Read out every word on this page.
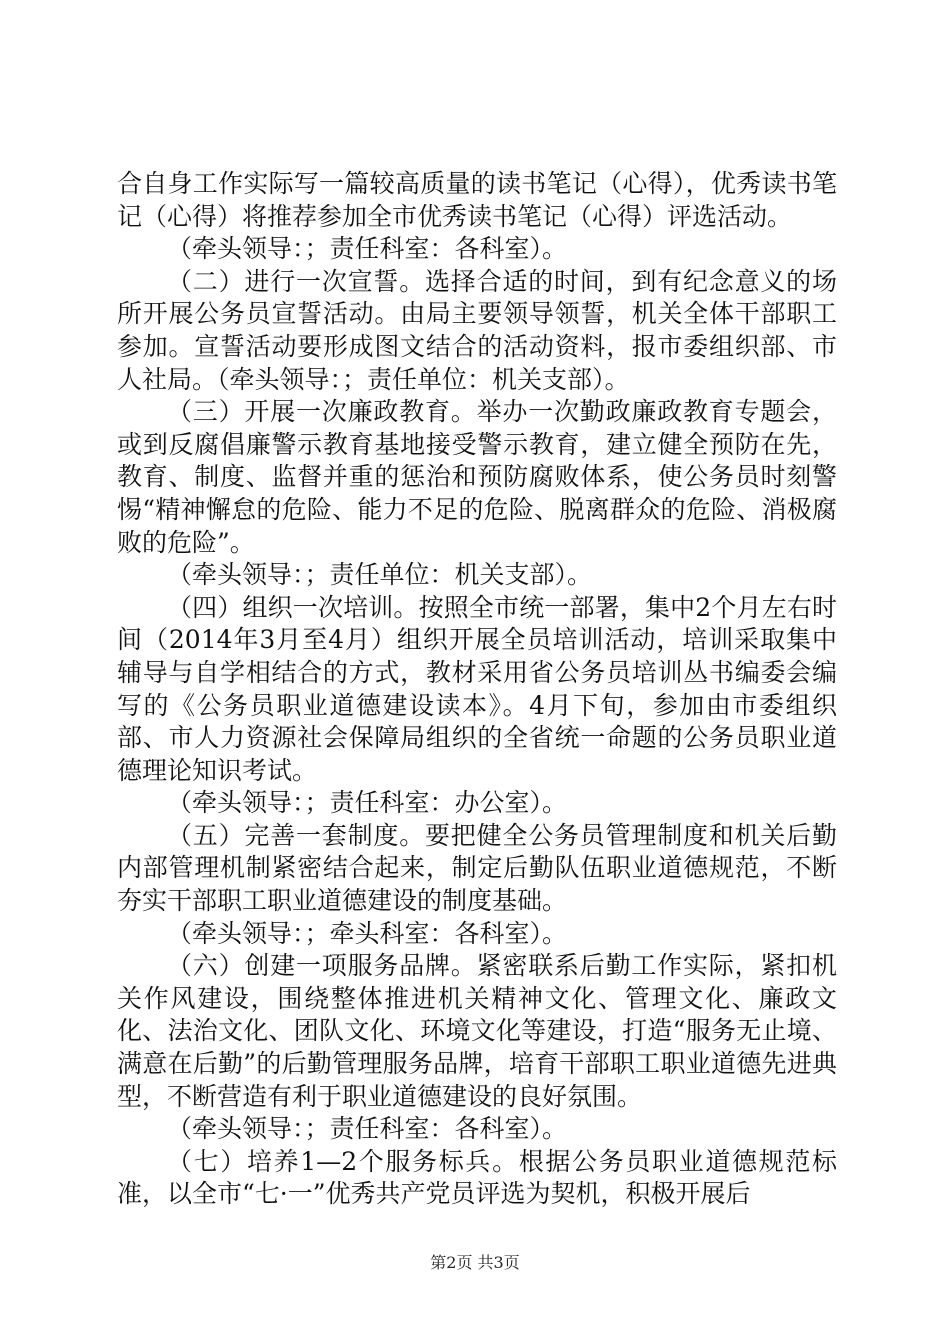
合自身工作实际写一篇较高质量的读书笔记（心得），优秀读书笔记（心得）将推荐参加全市优秀读书笔记（心得）评选活动。

（牵头领导：；责任科室：各科室）。

（二）进行一次宣誓。选择合适的时间，到有纪念意义的场所开展公务员宣誓活动。由局主要领导领誓，机关全体干部职工参加。宣誓活动要形成图文结合的活动资料，报市委组织部、市人社局。（牵头领导：；责任单位：机关支部）。

（三）开展一次廉政教育。举办一次勤政廉政教育专题会，或到反腐倡廉警示教育基地接受警示教育，建立健全预防在先，教育、制度、监督并重的惩治和预防腐败体系，使公务员时刻警惕“精神懈怠的危险、能力不足的危险、脱离群众的危险、消极腐败的危险”。

（牵头领导：；责任单位：机关支部）。

（四）组织一次培训。按照全市统一部署，集中2个月左右时间（2014年3月至4月）组织开展全员培训活动，培训采取集中辅导与自学相结合的方式，教材采用省公务员培训丛书编委会编写的《公务员职业道德建设读本》。4月下旬，参加由市委组织部、市人力资源社会保障局组织的全省统一命题的公务员职业道德理论知识考试。

（牵头领导：；责任科室：办公室）。

（五）完善一套制度。要把健全公务员管理制度和机关后勤内部管理机制紧密结合起来，制定后勤队伍职业道德规范，不断夯实干部职工职业道德建设的制度基础。

（牵头领导：；牵头科室：各科室）。

（六）创建一项服务品牌。紧密联系后勤工作实际，紧扣机关作风建设，围绕整体推进机关精神文化、管理文化、廉政文化、法治文化、团队文化、环境文化等建设，打造“服务无止境、满意在后勤”的后勤管理服务品牌，培育干部职工职业道德先进典型，不断营造有利于职业道德建设的良好氛围。

（牵头领导：；责任科室：各科室）。

（七）培养1—2个服务标兵。根据公务员职业道德规范标准，以全市“七·一”优秀共产党员评选为契机，积极开展后

第2页 共3页
